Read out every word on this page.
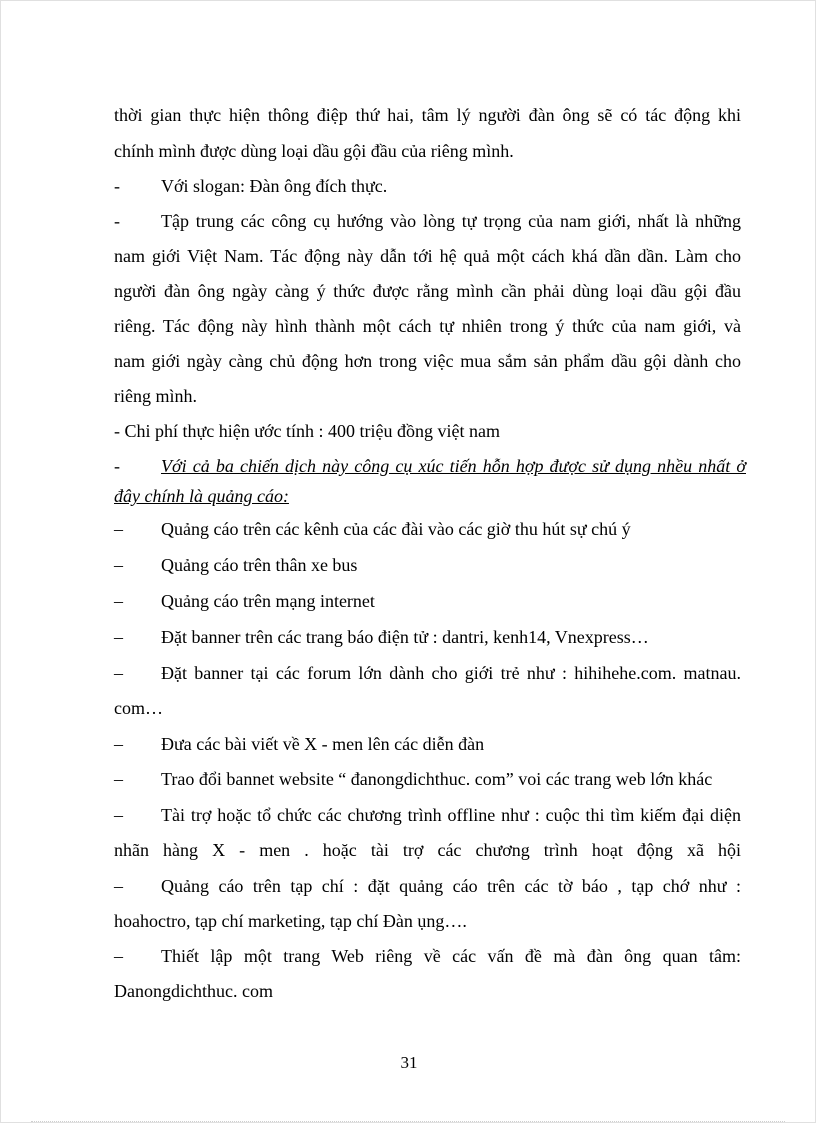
thời gian thực hiện thông điệp thứ hai, tâm lý người đàn ông sẽ có tác động khi
chính mình được dùng loại dầu gội đầu của riêng mình.
- Với slogan: Đàn ông đích thực.
- Tập trung các công cụ hướng vào lòng tự trọng của nam giới, nhất là những
nam giới Việt Nam. Tác động này dẫn tới hệ quả một cách khá dần dần. Làm cho
người đàn ông ngày càng ý thức được rằng mình cần phải dùng loại dầu gội đầu
riêng. Tác động này hình thành một cách tự nhiên trong ý thức của nam giới, và
nam giới ngày càng chủ động hơn trong việc mua sắm sản phẩm dầu gội dành cho
riêng mình.
- Chi phí thực hiện ước tính : 400 triệu đồng việt nam
- Với cả ba chiến dịch này công cụ xúc tiến hỗn hợp được sử dụng nhều nhất ở
đây chính là quảng cáo:
– Quảng cáo trên các kênh của các đài vào các giờ thu hút sự chú ý
– Quảng cáo trên thân xe bus
– Quảng cáo trên mạng internet
– Đặt banner trên các trang báo điện tử : dantri, kenh14, Vnexpress…
– Đặt banner tại các forum lớn dành cho giới trẻ như : hihihehe.com. matnau.
com…
– Đưa các bài viết về X - men lên các diễn đàn
– Trao đổi bannet website “ đanongdichthuc. com” voi các trang web lớn khác
– Tài trợ hoặc tổ chức các chương trình offline như : cuộc thi tìm kiếm đại diện
nhãn hàng X - men . hoặc tài trợ các chương trình hoạt động xã hội
– Quảng cáo trên tạp chí : đặt quảng cáo trên các tờ báo , tạp chớ như :
hoahoctro, tạp chí marketing, tạp chí Đàn ụng….
– Thiết lập một trang Web riêng về các vấn đề mà đàn ông quan tâm:
Danongdichthuc. com
31
